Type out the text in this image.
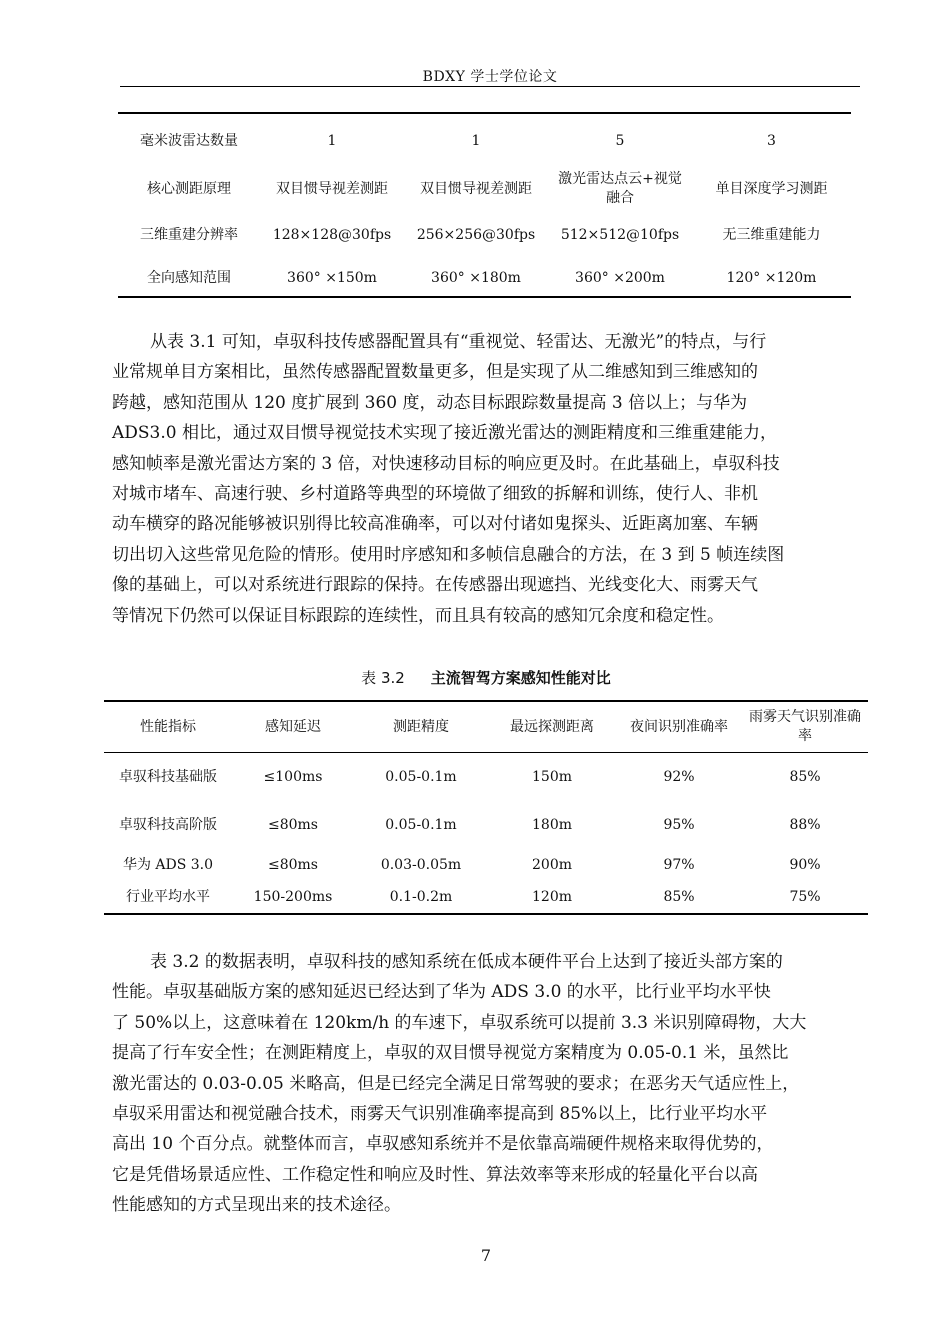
BDXY 学士学位论文
毫米波雷达数量	1	1	5	3
核心测距原理	双目惯导视差测距	双目惯导视差测距	激光雷达点云+视觉融合	单目深度学习测距
三维重建分辨率	128×128@30fps	256×256@30fps	512×512@10fps	无三维重建能力
全向感知范围	360° ×150m	360° ×180m	360° ×200m	120° ×120m
从表 3.1 可知，卓驭科技传感器配置具有“重视觉、轻雷达、无激光”的特点，与行
业常规单目方案相比，虽然传感器配置数量更多，但是实现了从二维感知到三维感知的
跨越，感知范围从 120 度扩展到 360 度，动态目标跟踪数量提高 3 倍以上；与华为
ADS3.0 相比，通过双目惯导视觉技术实现了接近激光雷达的测距精度和三维重建能力，
感知帧率是激光雷达方案的 3 倍，对快速移动目标的响应更及时。在此基础上，卓驭科技
对城市堵车、高速行驶、乡村道路等典型的环境做了细致的拆解和训练，使行人、非机
动车横穿的路况能够被识别得比较高准确率，可以对付诸如鬼探头、近距离加塞、车辆
切出切入这些常见危险的情形。使用时序感知和多帧信息融合的方法，在 3 到 5 帧连续图
像的基础上，可以对系统进行跟踪的保持。在传感器出现遮挡、光线变化大、雨雾天气
等情况下仍然可以保证目标跟踪的连续性，而且具有较高的感知冗余度和稳定性。
表 3.2 主流智驾方案感知性能对比
性能指标	感知延迟	测距精度	最远探测距离	夜间识别准确率	雨雾天气识别准确率
卓驭科技基础版	≤100ms	0.05-0.1m	150m	92%	85%
卓驭科技高阶版	≤80ms	0.05-0.1m	180m	95%	88%
华为 ADS 3.0	≤80ms	0.03-0.05m	200m	97%	90%
行业平均水平	150-200ms	0.1-0.2m	120m	85%	75%
表 3.2 的数据表明，卓驭科技的感知系统在低成本硬件平台上达到了接近头部方案的
性能。卓驭基础版方案的感知延迟已经达到了华为 ADS 3.0 的水平，比行业平均水平快
了 50%以上，这意味着在 120km/h 的车速下，卓驭系统可以提前 3.3 米识别障碍物，大大
提高了行车安全性；在测距精度上，卓驭的双目惯导视觉方案精度为 0.05-0.1 米，虽然比
激光雷达的 0.03-0.05 米略高，但是已经完全满足日常驾驶的要求；在恶劣天气适应性上，
卓驭采用雷达和视觉融合技术，雨雾天气识别准确率提高到 85%以上，比行业平均水平
高出 10 个百分点。就整体而言，卓驭感知系统并不是依靠高端硬件规格来取得优势的，
它是凭借场景适应性、工作稳定性和响应及时性、算法效率等来形成的轻量化平台以高
性能感知的方式呈现出来的技术途径。
7
